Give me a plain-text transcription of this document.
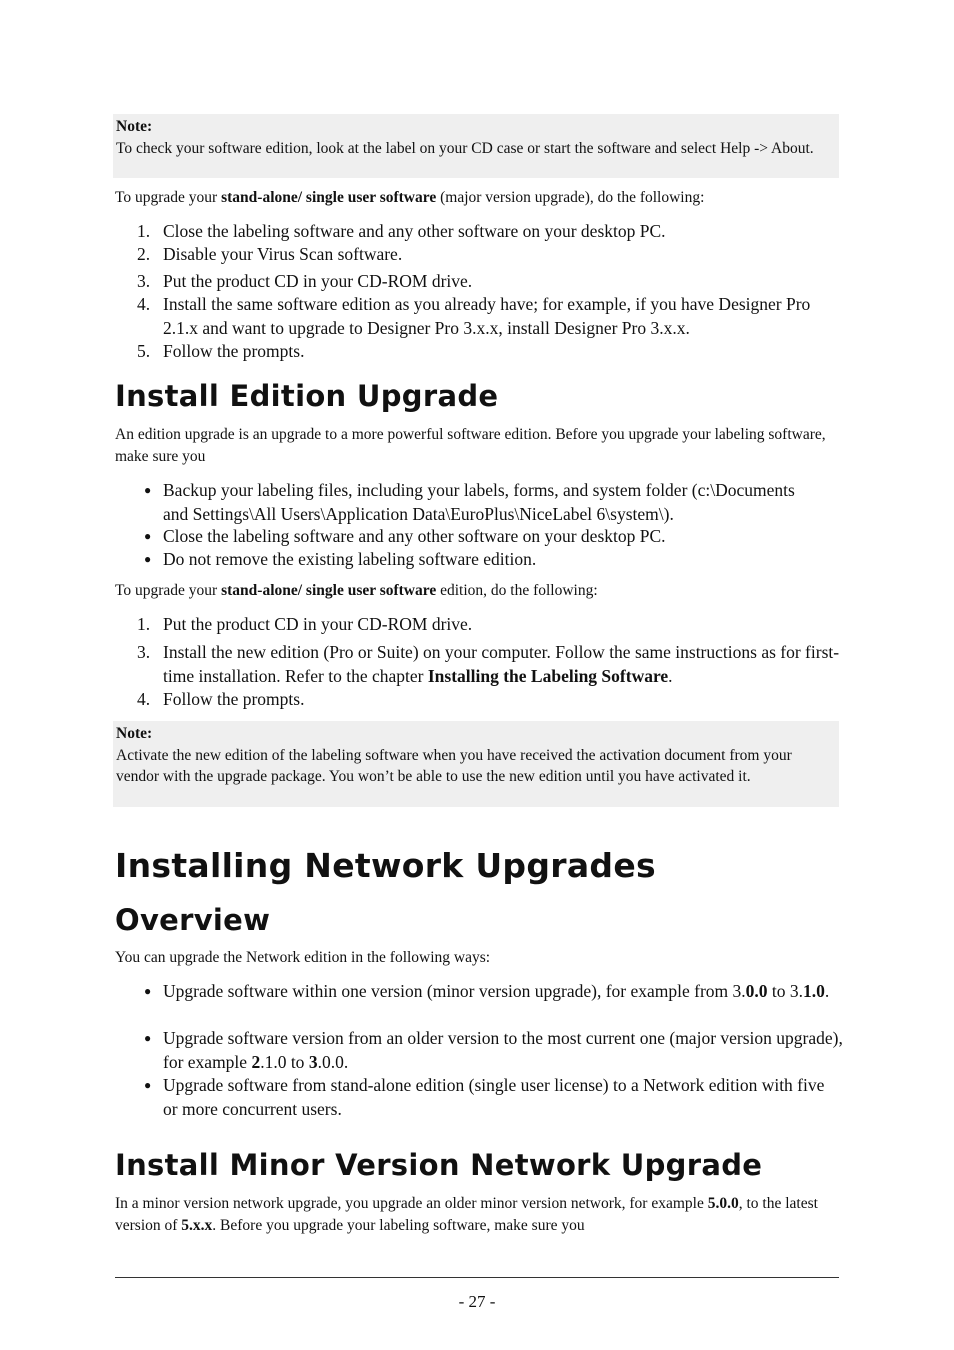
Note:
To check your software edition, look at the label on your CD case or start the software and select Help -> About.
To upgrade your stand-alone/ single user software (major version upgrade), do the following:
1. Close the labeling software and any other software on your desktop PC.
2. Disable your Virus Scan software.
3. Put the product CD in your CD-ROM drive.
4. Install the same software edition as you already have; for example, if you have Designer Pro 2.1.x and want to upgrade to Designer Pro 3.x.x, install Designer Pro 3.x.x.
5. Follow the prompts.
Install Edition Upgrade
An edition upgrade is an upgrade to a more powerful software edition. Before you upgrade your labeling software, make sure you
● Backup your labeling files, including your labels, forms, and system folder (c:\Documents and Settings\All Users\Application Data\EuroPlus\NiceLabel 6\system\).
● Close the labeling software and any other software on your desktop PC.
● Do not remove the existing labeling software edition.
To upgrade your stand-alone/ single user software edition, do the following:
1. Put the product CD in your CD-ROM drive.
3. Install the new edition (Pro or Suite) on your computer. Follow the same instructions as for first-time installation. Refer to the chapter Installing the Labeling Software.
4. Follow the prompts.
Note:
Activate the new edition of the labeling software when you have received the activation document from your vendor with the upgrade package. You won’t be able to use the new edition until you have activated it.
Installing Network Upgrades
Overview
You can upgrade the Network edition in the following ways:
● Upgrade software within one version (minor version upgrade), for example from 3.0.0 to 3.1.0.
● Upgrade software version from an older version to the most current one (major version upgrade), for example 2.1.0 to 3.0.0.
● Upgrade software from stand-alone edition (single user license) to a Network edition with five or more concurrent users.
Install Minor Version Network Upgrade
In a minor version network upgrade, you upgrade an older minor version network, for example 5.0.0, to the latest version of 5.x.x. Before you upgrade your labeling software, make sure you
- 27 -
